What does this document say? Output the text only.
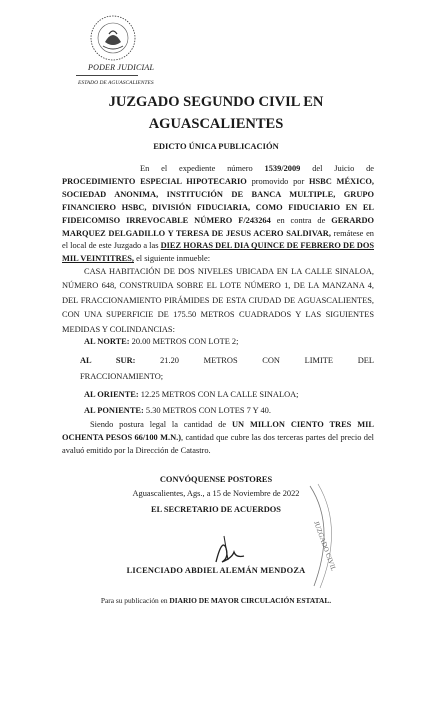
PODER JUDICIAL
ESTADO DE AGUASCALIENTES
JUZGADO SEGUNDO CIVIL EN
AGUASCALIENTES
EDICTO ÚNICA PUBLICACIÓN
En el expediente número 1539/2009 del Juicio de PROCEDIMIENTO ESPECIAL HIPOTECARIO promovido por HSBC MÉXICO, SOCIEDAD ANONIMA, INSTITUCIÓN DE BANCA MULTIPLE, GRUPO FINANCIERO HSBC, DIVISIÓN FIDUCIARIA, COMO FIDUCIARIO EN EL FIDEICOMISO IRREVOCABLE NÚMERO F/243264 en contra de GERARDO MARQUEZ DELGADILLO Y TERESA DE JESUS ACERO SALDIVAR, remátese en el local de este Juzgado a las DIEZ HORAS DEL DIA QUINCE DE FEBRERO DE DOS MIL VEINTITRES, el siguiente inmueble:
CASA HABITACIÓN DE DOS NIVELES UBICADA EN LA CALLE SINALOA, NÚMERO 648, CONSTRUIDA SOBRE EL LOTE NÚMERO 1, DE LA MANZANA 4, DEL FRACCIONAMIENTO PIRÁMIDES DE ESTA CIUDAD DE AGUASCALIENTES, CON UNA SUPERFICIE DE 175.50 METROS CUADRADOS Y LAS SIGUIENTES MEDIDAS Y COLINDANCIAS:
AL NORTE: 20.00 METROS CON LOTE 2;
AL SUR:	21.20 METROS CON LIMITE DEL
FRACCIONAMIENTO;
AL ORIENTE: 12.25 METROS CON LA CALLE SINALOA;
AL PONIENTE: 5.30 METROS CON LOTES 7 Y 40.
Siendo postura legal la cantidad de UN MILLON CIENTO TRES MIL OCHENTA PESOS 66/100 M.N.), cantidad que cubre las dos terceras partes del precio del avaluó emitido por la Dirección de Catastro.
CONVÓQUENSE POSTORES
Aguascalientes, Ags., a 15 de Noviembre de 2022
EL SECRETARIO DE ACUERDOS
JUZGADO CIVIL
LICENCIADO ABDIEL ALEMÁN MENDOZA
Para su publicación en DIARIO DE MAYOR CIRCULACIÓN ESTATAL.
